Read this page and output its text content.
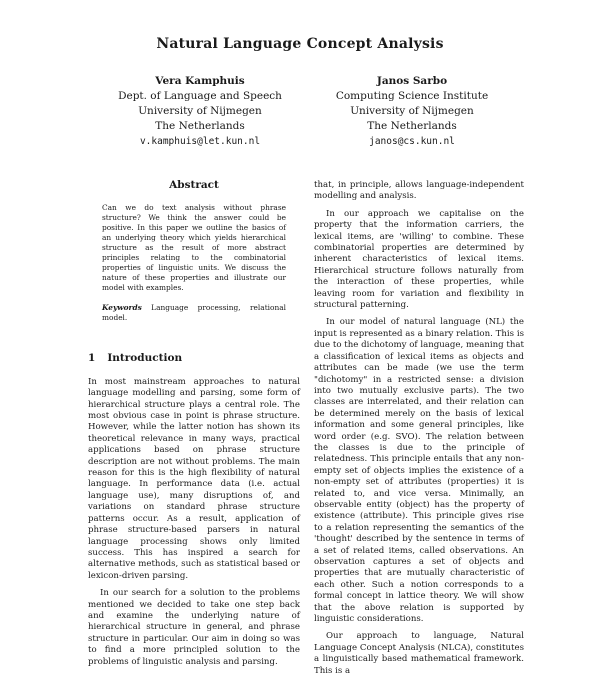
Natural Language Concept Analysis
Vera Kamphuis
Dept. of Language and Speech
University of Nijmegen
The Netherlands
v.kamphuis@let.kun.nl
Janos Sarbo
Computing Science Institute
University of Nijmegen
The Netherlands
janos@cs.kun.nl
Abstract
Can we do text analysis without phrase structure? We think the answer could be positive. In this paper we outline the basics of an underlying theory which yields hierarchical structure as the result of more abstract principles relating to the combinatorial properties of linguistic units. We discuss the nature of these properties and illustrate our model with examples.
Keywords Language processing, relational model.
1 Introduction

In most mainstream approaches to natural language modelling and parsing, some form of hierarchical structure plays a central role. The most obvious case in point is phrase structure. However, while the latter notion has shown its theoretical relevance in many ways, practical applications based on phrase structure description are not without problems. The main reason for this is the high flexibility of natural language. In performance data (i.e. actual language use), many disruptions of, and variations on standard phrase structure patterns occur. As a result, application of phrase structure-based parsers in natural language processing shows only limited success. This has inspired a search for alternative methods, such as statistical based or lexicon-driven parsing.

In our search for a solution to the problems mentioned we decided to take one step back and examine the underlying nature of hierarchical structure in general, and phrase structure in particular. Our aim in doing so was to find a more principled solution to the problems of linguistic analysis and parsing.

that, in principle, allows language-independent modelling and analysis.

In our approach we capitalise on the property that the information carriers, the lexical items, are 'willing' to combine. These combinatorial properties are determined by inherent characteristics of lexical items. Hierarchical structure follows naturally from the interaction of these properties, while leaving room for variation and flexibility in structural patterning.

In our model of natural language (NL) the input is represented as a binary relation. This is due to the dichotomy of language, meaning that a classification of lexical items as objects and attributes can be made (we use the term "dichotomy" in a restricted sense: a division into two mutually exclusive parts). The two classes are interrelated, and their relation can be determined merely on the basis of lexical information and some general principles, like word order (e.g. SVO). The relation between the classes is due to the principle of relatedness. This principle entails that any non-empty set of objects implies the existence of a non-empty set of attributes (properties) it is related to, and vice versa. Minimally, an observable entity (object) has the property of existence (attribute). This principle gives rise to a relation representing the semantics of the 'thought' described by the sentence in terms of a set of related items, called observations. An observation captures a set of objects and properties that are mutually characteristic of each other. Such a notion corresponds to a formal concept in lattice theory. We will show that the above relation is supported by linguistic considerations.

Our approach to language, Natural Language Concept Analysis (NLCA), constitutes a linguistically based mathematical framework. This is a
